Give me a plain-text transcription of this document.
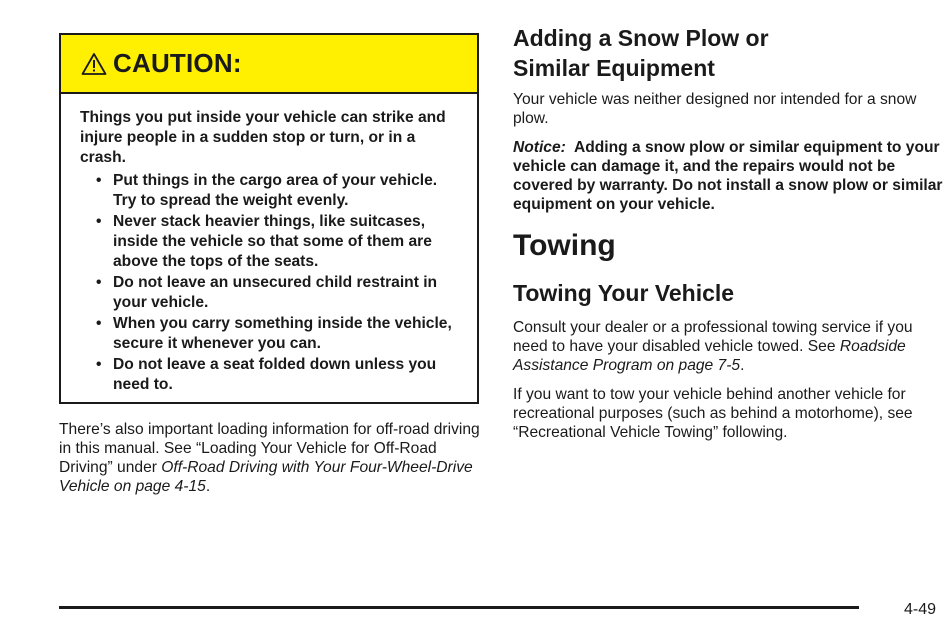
CAUTION:

Things you put inside your vehicle can strike and injure people in a sudden stop or turn, or in a crash.

• Put things in the cargo area of your vehicle. Try to spread the weight evenly.
• Never stack heavier things, like suitcases, inside the vehicle so that some of them are above the tops of the seats.
• Do not leave an unsecured child restraint in your vehicle.
• When you carry something inside the vehicle, secure it whenever you can.
• Do not leave a seat folded down unless you need to.

There’s also important loading information for off-road driving in this manual. See “Loading Your Vehicle for Off-Road Driving” under Off-Road Driving with Your Four-Wheel-Drive Vehicle on page 4-15.

Adding a Snow Plow or
Similar Equipment

Your vehicle was neither designed nor intended for a snow plow.

Notice: Adding a snow plow or similar equipment to your vehicle can damage it, and the repairs would not be covered by warranty. Do not install a snow plow or similar equipment on your vehicle.

Towing
Towing Your Vehicle

Consult your dealer or a professional towing service if you need to have your disabled vehicle towed. See Roadside Assistance Program on page 7-5.

If you want to tow your vehicle behind another vehicle for recreational purposes (such as behind a motorhome), see “Recreational Vehicle Towing” following.

4-49
